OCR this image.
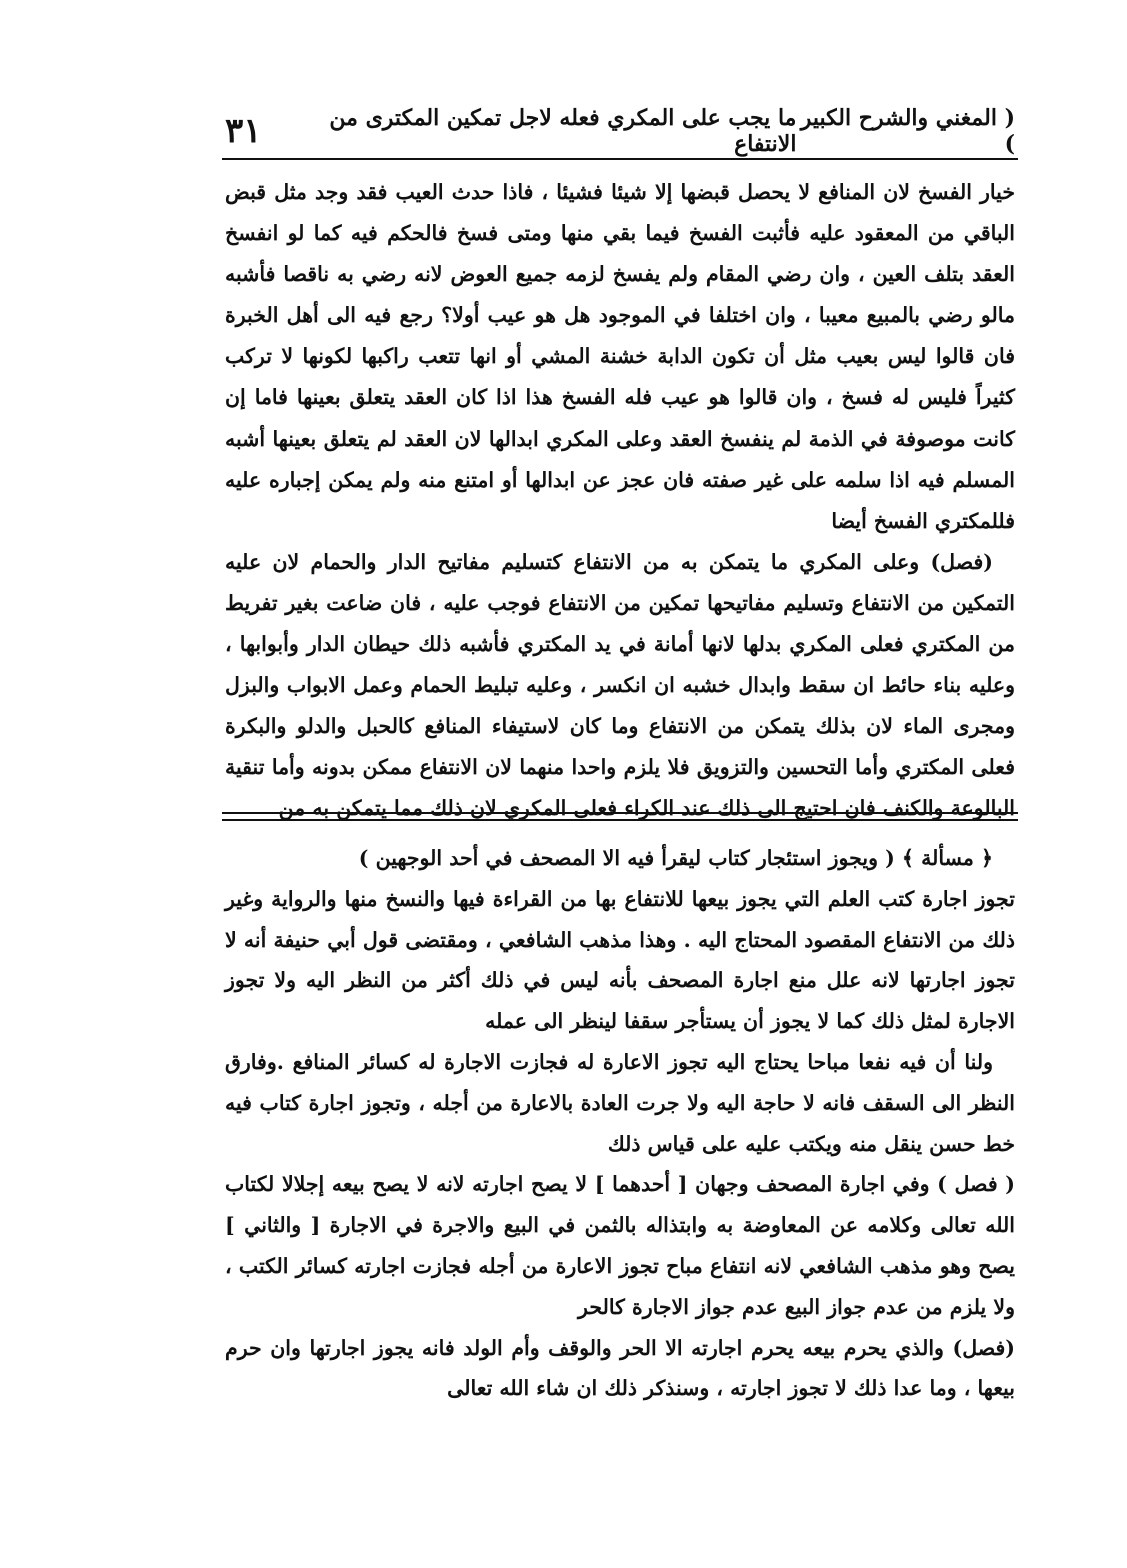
( المغني والشرح الكبير )
ما يجب على المكري فعله لاجل تمكين المكترى من الانتفاع
٣١

خيار الفسخ لان المنافع لا يحصل قبضها إلا شيئا فشيئا ، فاذا حدث العيب فقد وجد مثل قبض الباقي من المعقود عليه فأثبت الفسخ فيما بقي منها ومتى فسخ فالحكم فيه كما لو انفسخ العقد بتلف العين ، وان رضي المقام ولم يفسخ لزمه جميع العوض لانه رضي به ناقصا فأشبه مالو رضي بالمبيع معيبا ، وان اختلفا في الموجود هل هو عيب أولا؟ رجع فيه الى أهل الخبرة فان قالوا ليس بعيب مثل أن تكون الدابة خشنة المشي أو انها تتعب راكبها لكونها لا تركب كثيراً فليس له فسخ ، وان قالوا هو عيب فله الفسخ هذا اذا كان العقد يتعلق بعينها فاما إن كانت موصوفة في الذمة لم ينفسخ العقد وعلى المكري ابدالها لان العقد لم يتعلق بعينها أشبه المسلم فيه اذا سلمه على غير صفته فان عجز عن ابدالها أو امتنع منه ولم يمكن إجباره عليه فللمكتري الفسخ أيضا

(فصل) وعلى المكري ما يتمكن به من الانتفاع كتسليم مفاتيح الدار والحمام لان عليه التمكين من الانتفاع وتسليم مفاتيحها تمكين من الانتفاع فوجب عليه ، فان ضاعت بغير تفريط من المكتري فعلى المكري بدلها لانها أمانة في يد المكتري فأشبه ذلك حيطان الدار وأبوابها ، وعليه بناء حائط ان سقط وابدال خشبه ان انكسر ، وعليه تبليط الحمام وعمل الابواب والبزل ومجرى الماء لان بذلك يتمكن من الانتفاع وما كان لاستيفاء المنافع كالحبل والدلو والبكرة فعلى المكتري وأما التحسين والتزويق فلا يلزم واحدا منهما لان الانتفاع ممكن بدونه وأما تنقية البالوعة والكنف فان احتيج الى ذلك عند الكراء فعلى المكري لان ذلك مما يتمكن به من

﴿ مسألة ﴾ ( ويجوز استئجار كتاب ليقرأ فيه الا المصحف في أحد الوجهين )

تجوز اجارة كتب العلم التي يجوز بيعها للانتفاع بها من القراءة فيها والنسخ منها والرواية وغير ذلك من الانتفاع المقصود المحتاج اليه . وهذا مذهب الشافعي ، ومقتضى قول أبي حنيفة أنه لا تجوز اجارتها لانه علل منع اجارة المصحف بأنه ليس في ذلك أكثر من النظر اليه ولا تجوز الاجارة لمثل ذلك كما لا يجوز أن يستأجر سقفا لينظر الى عمله

ولنا أن فيه نفعا مباحا يحتاج اليه تجوز الاعارة له فجازت الاجارة له كسائر المنافع .وفارق النظر الى السقف فانه لا حاجة اليه ولا جرت العادة بالاعارة من أجله ، وتجوز اجارة كتاب فيه خط حسن ينقل منه ويكتب عليه على قياس ذلك

( فصل ) وفي اجارة المصحف وجهان [ أحدهما ] لا يصح اجارته لانه لا يصح بيعه إجلالا لكتاب الله تعالى وكلامه عن المعاوضة به وابتذاله بالثمن في البيع والاجرة في الاجارة [ والثاني ] يصح وهو مذهب الشافعي لانه انتفاع مباح تجوز الاعارة من أجله فجازت اجارته كسائر الكتب ، ولا يلزم من عدم جواز البيع عدم جواز الاجارة كالحر

(فصل) والذي يحرم بيعه يحرم اجارته الا الحر والوقف وأم الولد فانه يجوز اجارتها وان حرم بيعها ، وما عدا ذلك لا تجوز اجارته ، وسنذكر ذلك ان شاء الله تعالى
